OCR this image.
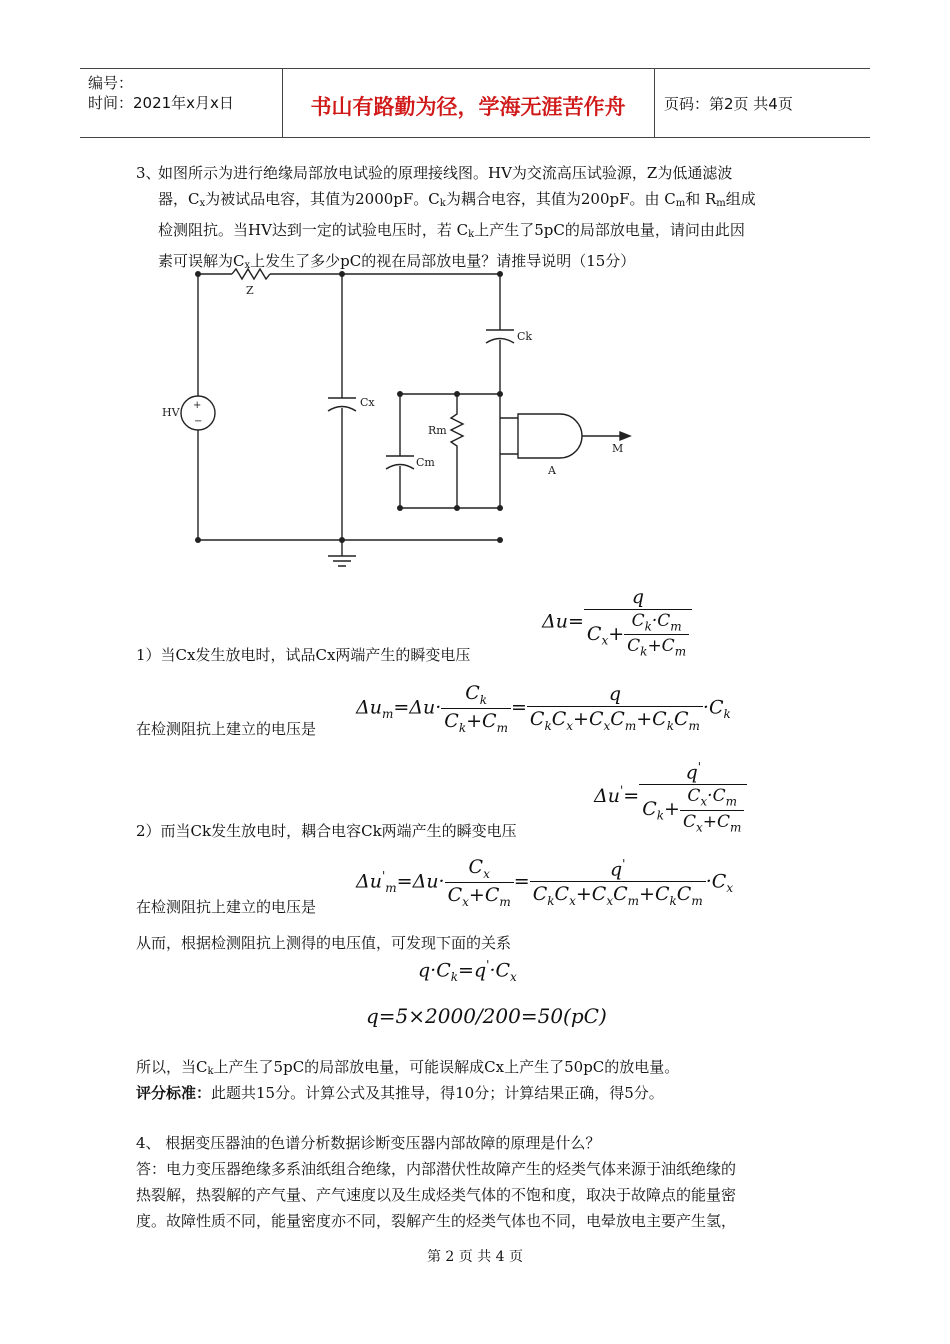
编号：
时间：2021年x月x日	书山有路勤为径，学海无涯苦作舟	页码：第2页 共4页
3、
如图所示为进行绝缘局部放电试验的原理接线图。HV为交流高压试验源，Z为低通滤波
器，Cx为被试品电容，其值为2000pF。Ck为耦合电容，其值为200pF。由 Cm和 Rm组成
检测阻抗。当HV达到一定的试验电压时，若 Ck上产生了5pC的局部放电量，请问由此因
素可误解为Cx上发生了多少pC的视在局部放电量？请推导说明（15分）
Z
+
−
HV
Cx
Ck
Cm
Rm
A
M
$\Delta u= \frac{q}{C_x+ \frac{C_k\cdot C_m}{C_k+C_m}}$
1）当Cx发生放电时，试品Cx两端产生的瞬变电压
$\Delta u_m=\Delta u\cdot \frac{C_k}{C_k+C_m} = \frac{q}{C_kC_x+C_xC_m+C_kC_m} \cdot C_k$
在检测阻抗上建立的电压是
$\Delta u'= \frac{q'}{C_k+ \frac{C_x\cdot C_m}{C_x+C_m}}$
2）而当Ck发生放电时，耦合电容Ck两端产生的瞬变电压
$\Delta u'_m=\Delta u\cdot \frac{C_x}{C_x+C_m} = \frac{q'}{C_kC_x+C_xC_m+C_kC_m} \cdot C_x$
在检测阻抗上建立的电压是
从而，根据检测阻抗上测得的电压值，可发现下面的关系
$q\cdot C_k=q'\cdot C_x$
q=5×2000/200=50(pC)
所以，当Ck上产生了5pC的局部放电量，可能误解成Cx上产生了50pC的放电量。
评分标准：此题共15分。计算公式及其推导，得10分；计算结果正确，得5分。
4、 根据变压器油的色谱分析数据诊断变压器内部故障的原理是什么？
答：电力变压器绝缘多系油纸组合绝缘，内部潜伏性故障产生的烃类气体来源于油纸绝缘的
热裂解，热裂解的产气量、产气速度以及生成烃类气体的不饱和度，取决于故障点的能量密
度。故障性质不同，能量密度亦不同，裂解产生的烃类气体也不同，电晕放电主要产生氢，
第 2 页 共 4 页
